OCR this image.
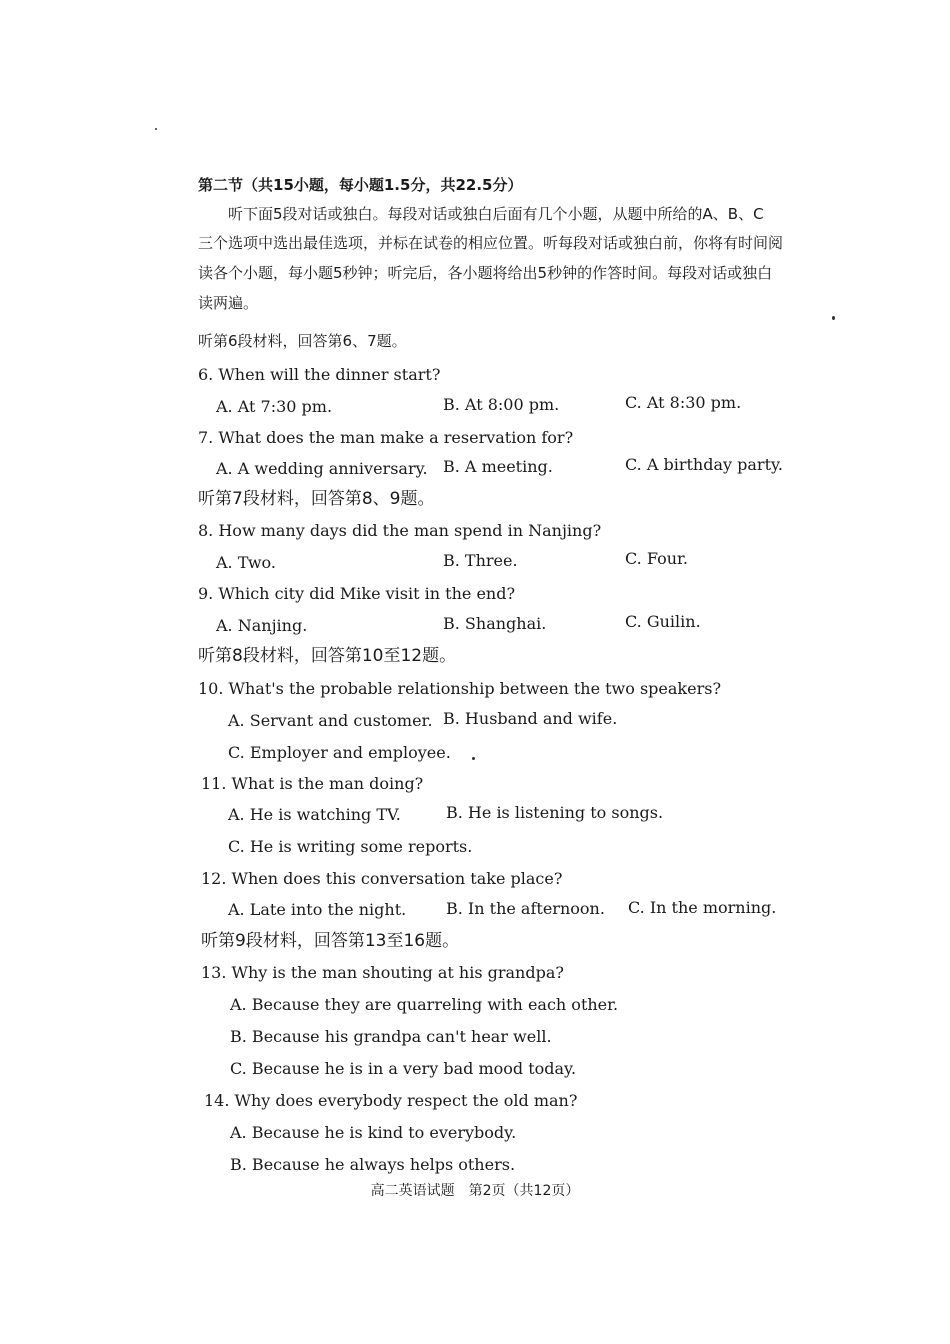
第二节（共15小题，每小题1.5分，共22.5分）
听下面5段对话或独白。每段对话或独白后面有几个小题，从题中所给的A、B、C
三个选项中选出最佳选项，并标在试卷的相应位置。听每段对话或独白前，你将有时间阅
读各个小题，每小题5秒钟；听完后，各小题将给出5秒钟的作答时间。每段对话或独白
读两遍。
听第6段材料，回答第6、7题。
6. When will the dinner start?
A. At 7:30 pm.	B. At 8:00 pm.	C. At 8:30 pm.
7. What does the man make a reservation for?
A. A wedding anniversary. B. A meeting.	C. A birthday party.
听第7段材料，回答第8、9题。
8. How many days did the man spend in Nanjing?
A. Two.	B. Three.	C. Four.
9. Which city did Mike visit in the end?
A. Nanjing.	B. Shanghai.	C. Guilin.
听第8段材料，回答第10至12题。
10. What's the probable relationship between the two speakers?
A. Servant and customer. B. Husband and wife.
C. Employer and employee.
11. What is the man doing?
A. He is watching TV.	B. He is listening to songs.
C. He is writing some reports.
12. When does this conversation take place?
A. Late into the night. B. In the afternoon. C. In the morning.
听第9段材料，回答第13至16题。
13. Why is the man shouting at his grandpa?
A. Because they are quarreling with each other.
B. Because his grandpa can't hear well.
C. Because he is in a very bad mood today.
14. Why does everybody respect the old man?
A. Because he is kind to everybody.
B. Because he always helps others.
高二英语试题　第2页（共12页）
